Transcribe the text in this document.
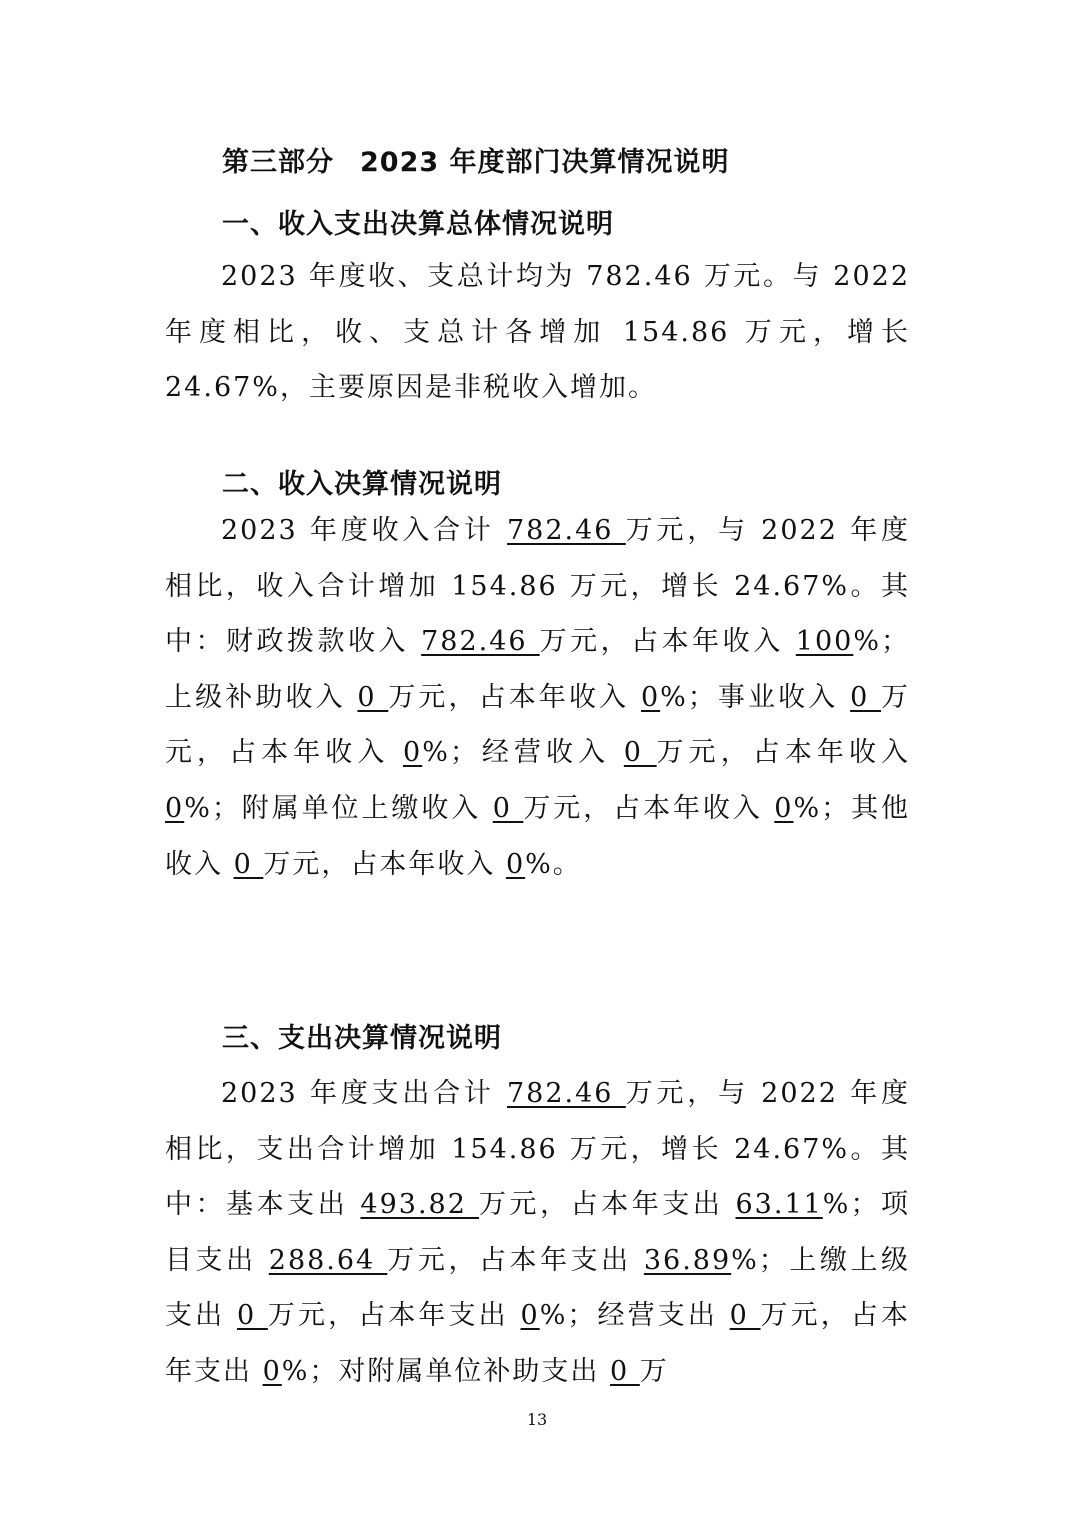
第三部分 2023 年度部门决算情况说明
一、收入支出决算总体情况说明

2023 年度收、支总计均为 782.46 万元。与 2022 年度相比，收、支总计各增加 154.86 万元，增长 24.67%，主要原因是非税收入增加。

二、收入决算情况说明

2023 年度收入合计 782.46 万元，与 2022 年度相比，收入合计增加 154.86 万元，增长 24.67%。其中：财政拨款收入 782.46 万元，占本年收入 100%；上级补助收入 0 万元，占本年收入 0%；事业收入 0 万元，占本年收入 0%；经营收入 0 万元，占本年收入 0%；附属单位上缴收入 0 万元，占本年收入 0%；其他收入 0 万元，占本年收入 0%。

三、支出决算情况说明

2023 年度支出合计 782.46 万元，与 2022 年度相比，支出合计增加 154.86 万元，增长 24.67%。其中：基本支出 493.82 万元，占本年支出 63.11%；项目支出 288.64 万元，占本年支出 36.89%；上缴上级支出 0 万元，占本年支出 0%；经营支出 0 万元，占本年支出 0%；对附属单位补助支出 0 万

13
